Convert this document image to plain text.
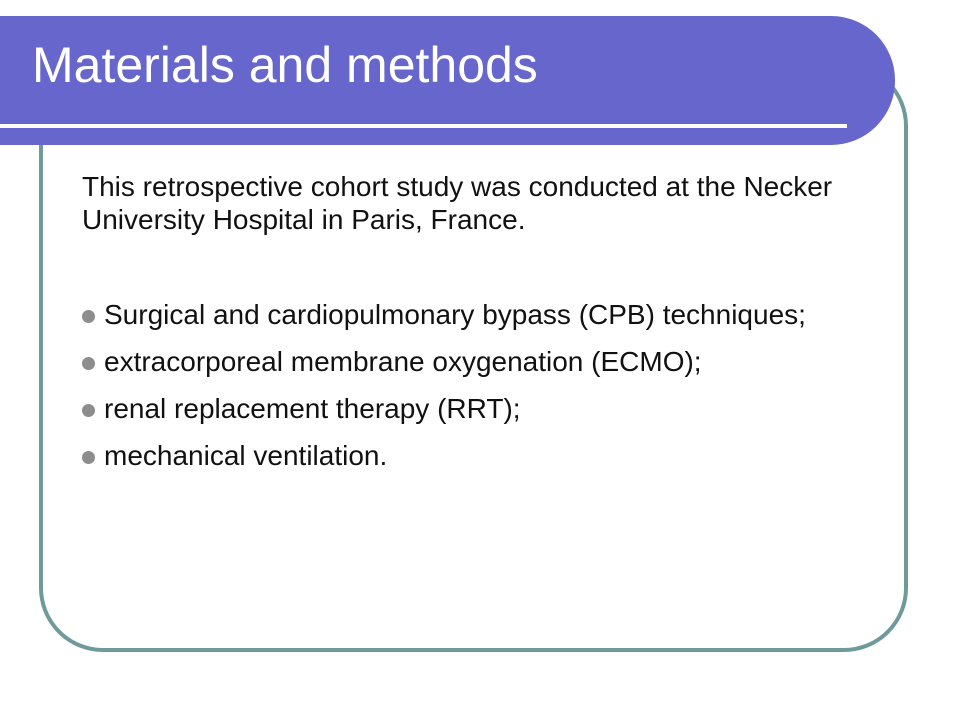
Materials and methods

This retrospective cohort study was conducted at the Necker University Hospital in Paris, France.

Surgical and cardiopulmonary bypass (CPB) techniques;
extracorporeal membrane oxygenation (ECMO);
renal replacement therapy (RRT);
mechanical ventilation.
